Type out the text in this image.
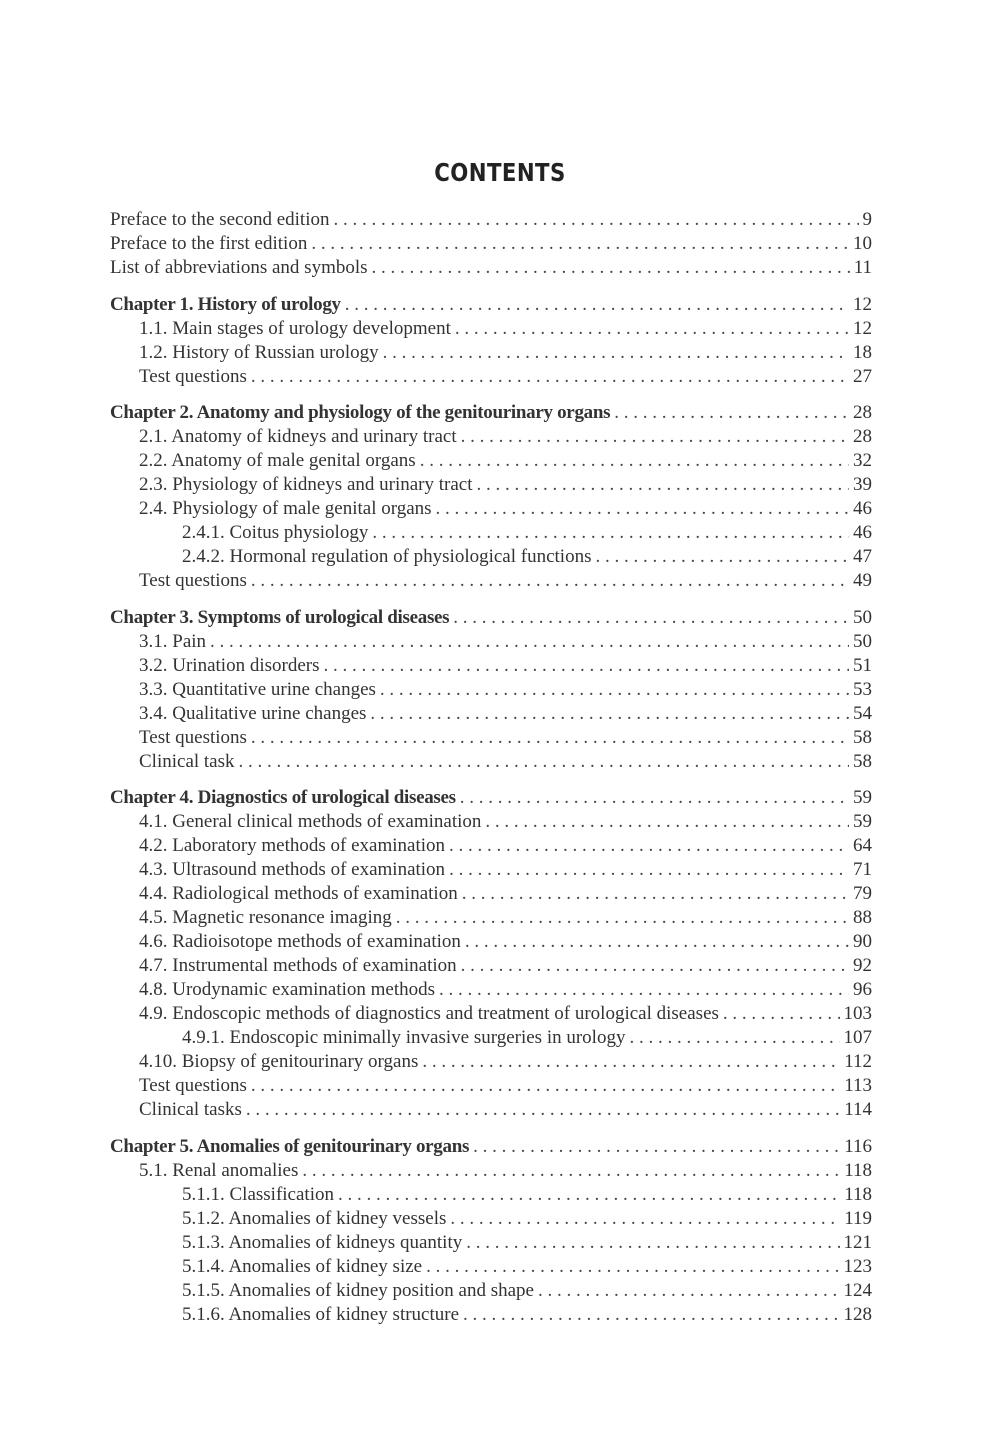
CONTENTS
Preface to the second edition . . .	9
Preface to the first edition . . .	10
List of abbreviations and symbols . . .	11
Chapter 1. History of urology . . .	12
1.1. Main stages of urology development . . .	12
1.2. History of Russian urology . . .	18
Test questions . . .	27
Chapter 2. Anatomy and physiology of the genitourinary organs . . .	28
2.1. Anatomy of kidneys and urinary tract . . .	28
2.2. Anatomy of male genital organs . . .	32
2.3. Physiology of kidneys and urinary tract . . .	39
2.4. Physiology of male genital organs . . .	46
2.4.1. Coitus physiology . . .	46
2.4.2. Hormonal regulation of physiological functions . . .	47
Test questions . . .	49
Chapter 3. Symptoms of urological diseases . . .	50
3.1. Pain . . .	50
3.2. Urination disorders . . .	51
3.3. Quantitative urine changes . . .	53
3.4. Qualitative urine changes . . .	54
Test questions . . .	58
Clinical task . . .	58
Chapter 4. Diagnostics of urological diseases . . .	59
4.1. General clinical methods of examination . . .	59
4.2. Laboratory methods of examination . . .	64
4.3. Ultrasound methods of examination . . .	71
4.4. Radiological methods of examination . . .	79
4.5. Magnetic resonance imaging . . .	88
4.6. Radioisotope methods of examination . . .	90
4.7. Instrumental methods of examination . . .	92
4.8. Urodynamic examination methods . . .	96
4.9. Endoscopic methods of diagnostics and treatment of urological diseases . . .	103
4.9.1. Endoscopic minimally invasive surgeries in urology . . .	107
4.10. Biopsy of genitourinary organs . . .	112
Test questions . . .	113
Clinical tasks . . .	114
Chapter 5. Anomalies of genitourinary organs . . .	116
5.1. Renal anomalies . . .	118
5.1.1. Classification . . .	118
5.1.2. Anomalies of kidney vessels . . .	119
5.1.3. Anomalies of kidneys quantity . . .	121
5.1.4. Anomalies of kidney size . . .	123
5.1.5. Anomalies of kidney position and shape . . .	124
5.1.6. Anomalies of kidney structure . . .	128
